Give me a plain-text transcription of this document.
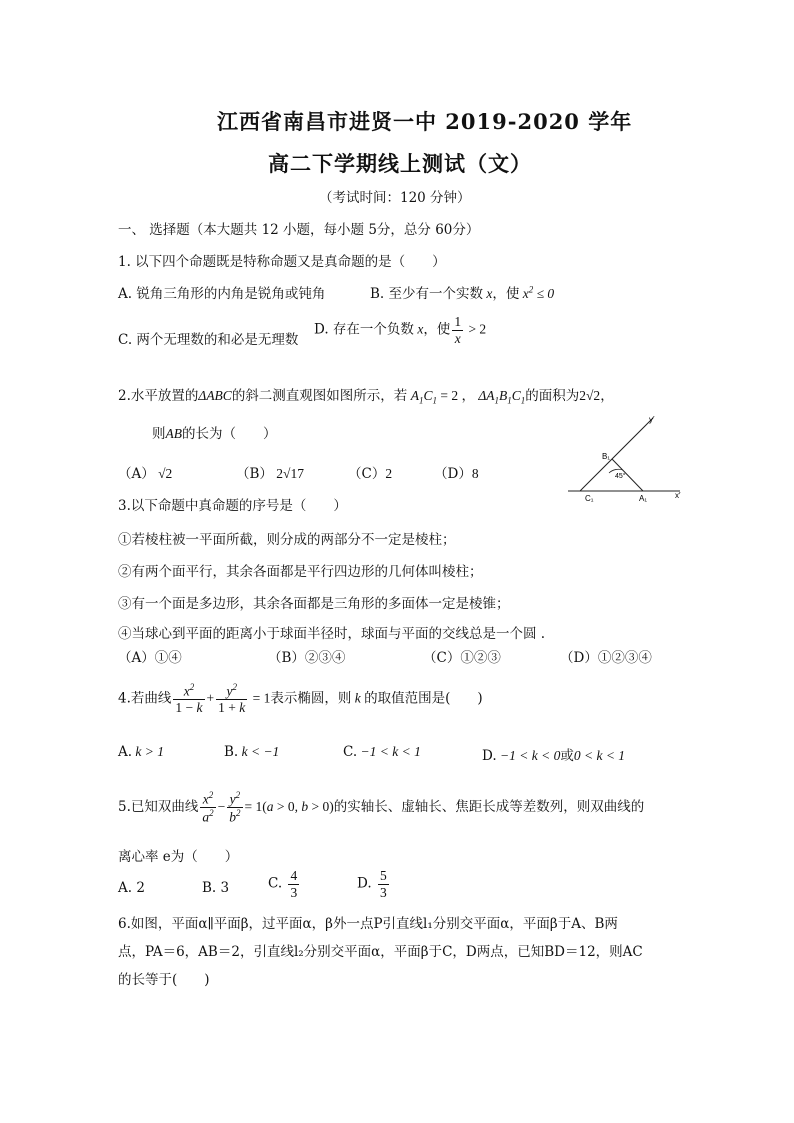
江西省南昌市进贤一中 2019-2020 学年
高二下学期线上测试（文）
（考试时间：120 分钟）
一、 选择题（本大题共 12 小题，每小题 5分，总分 60分）
1. 以下四个命题既是特称命题又是真命题的是（　　）
A. 锐角三角形的内角是锐角或钝角	B. 至少有一个实数 x，使 $x^2 \le 0$
C. 两个无理数的和必是无理数
D. 存在一个负数 x，使 $\frac{1}{x} > 2$
2.水平放置的ΔABC的斜二测直观图如图所示，若 $A_1C_1 = 2$ ， $\Delta A_1B_1C_1$的面积为2√2，
则AB的长为（　　）
（A） √2	（B） 2√17	（C）2	（D）8
y′
x′
B₁
C₁	A₁
45°
3.以下命题中真命题的序号是（　　）
①若棱柱被一平面所截，则分成的两部分不一定是棱柱；
②有两个面平行，其余各面都是平行四边形的几何体叫棱柱；
③有一个面是多边形，其余各面都是三角形的多面体一定是棱锥；
④当球心到平面的距离小于球面半径时，球面与平面的交线总是一个圆 .
（A）①④	（B）②③④	（C）①②③	（D）①②③④
4.若曲线 $\frac{x^2}{1 - k} + \frac{y^2}{1 + k} = 1$表示椭圆，则 k 的取值范围是(　　)
A. k > 1	B. k < −1	C. −1 < k < 1	D. −1 < k < 0或0 < k < 1
5.已知双曲线 $\frac{x^2}{a^2} - \frac{y^2}{b^2} = 1(a > 0$, b > 0)的实轴长、虚轴长、焦距长成等差数列，则双曲线的
离心率 e为（　　）
A. 2	B. 3	C. $\frac{4}{3}$	D. $\frac{5}{3}$
6.如图，平面α∥平面β，过平面α，β外一点P引直线l₁分别交平面α，平面β于A、B两
点，PA＝6，AB＝2，引直线l₂分别交平面α，平面β于C，D两点，已知BD＝12，则AC
的长等于(　　)
